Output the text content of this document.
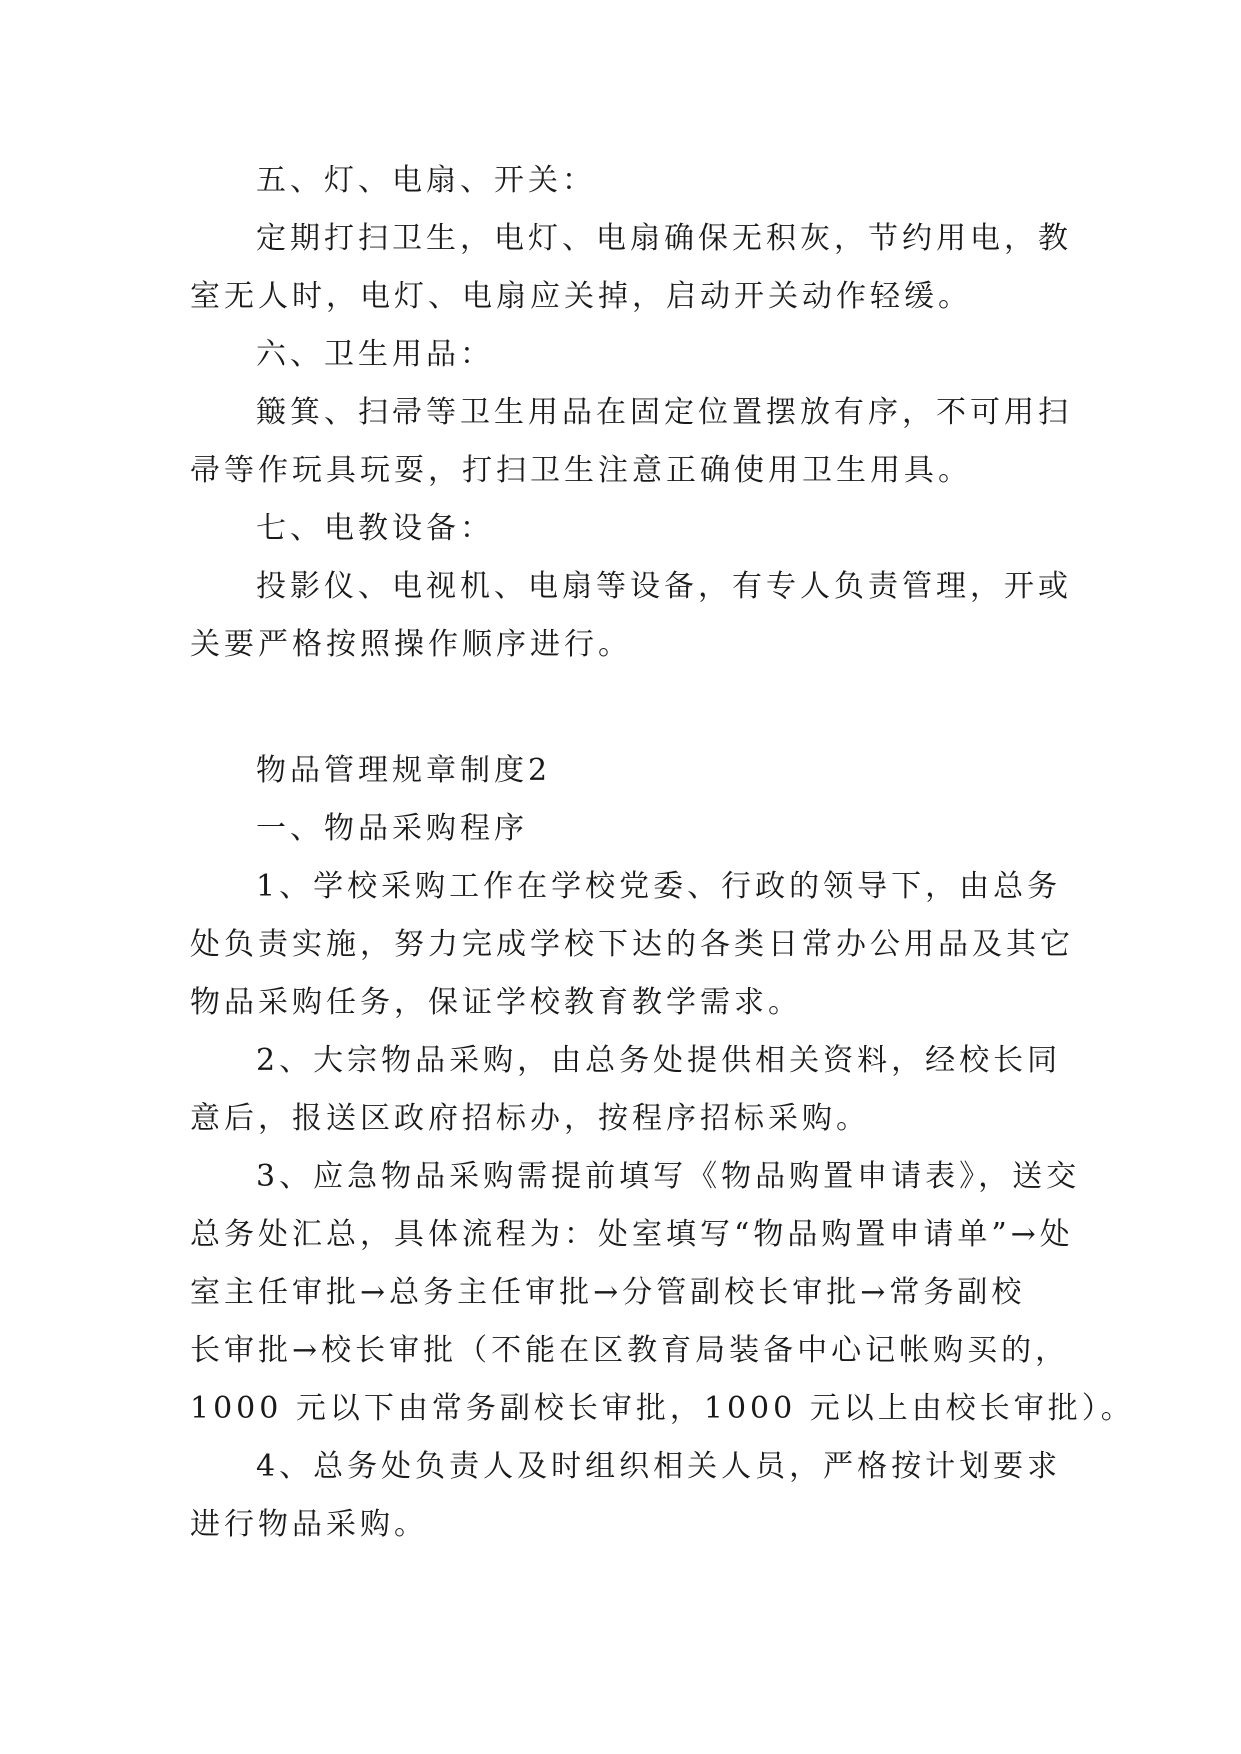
五、灯、电扇、开关：
定期打扫卫生，电灯、电扇确保无积灰，节约用电，教
室无人时，电灯、电扇应关掉，启动开关动作轻缓。
六、卫生用品：
簸箕、扫帚等卫生用品在固定位置摆放有序，不可用扫
帚等作玩具玩耍，打扫卫生注意正确使用卫生用具。
七、电教设备：
投影仪、电视机、电扇等设备，有专人负责管理，开或
关要严格按照操作顺序进行。
物品管理规章制度2
一、物品采购程序
1、学校采购工作在学校党委、行政的领导下，由总务
处负责实施，努力完成学校下达的各类日常办公用品及其它
物品采购任务，保证学校教育教学需求。
2、大宗物品采购，由总务处提供相关资料，经校长同
意后，报送区政府招标办，按程序招标采购。
3、应急物品采购需提前填写《物品购置申请表》，送交
总务处汇总，具体流程为：处室填写“物品购置申请单”→处
室主任审批→总务主任审批→分管副校长审批→常务副校
长审批→校长审批（不能在区教育局装备中心记帐购买的，
1000 元以下由常务副校长审批，1000 元以上由校长审批）。
4、总务处负责人及时组织相关人员，严格按计划要求
进行物品采购。
